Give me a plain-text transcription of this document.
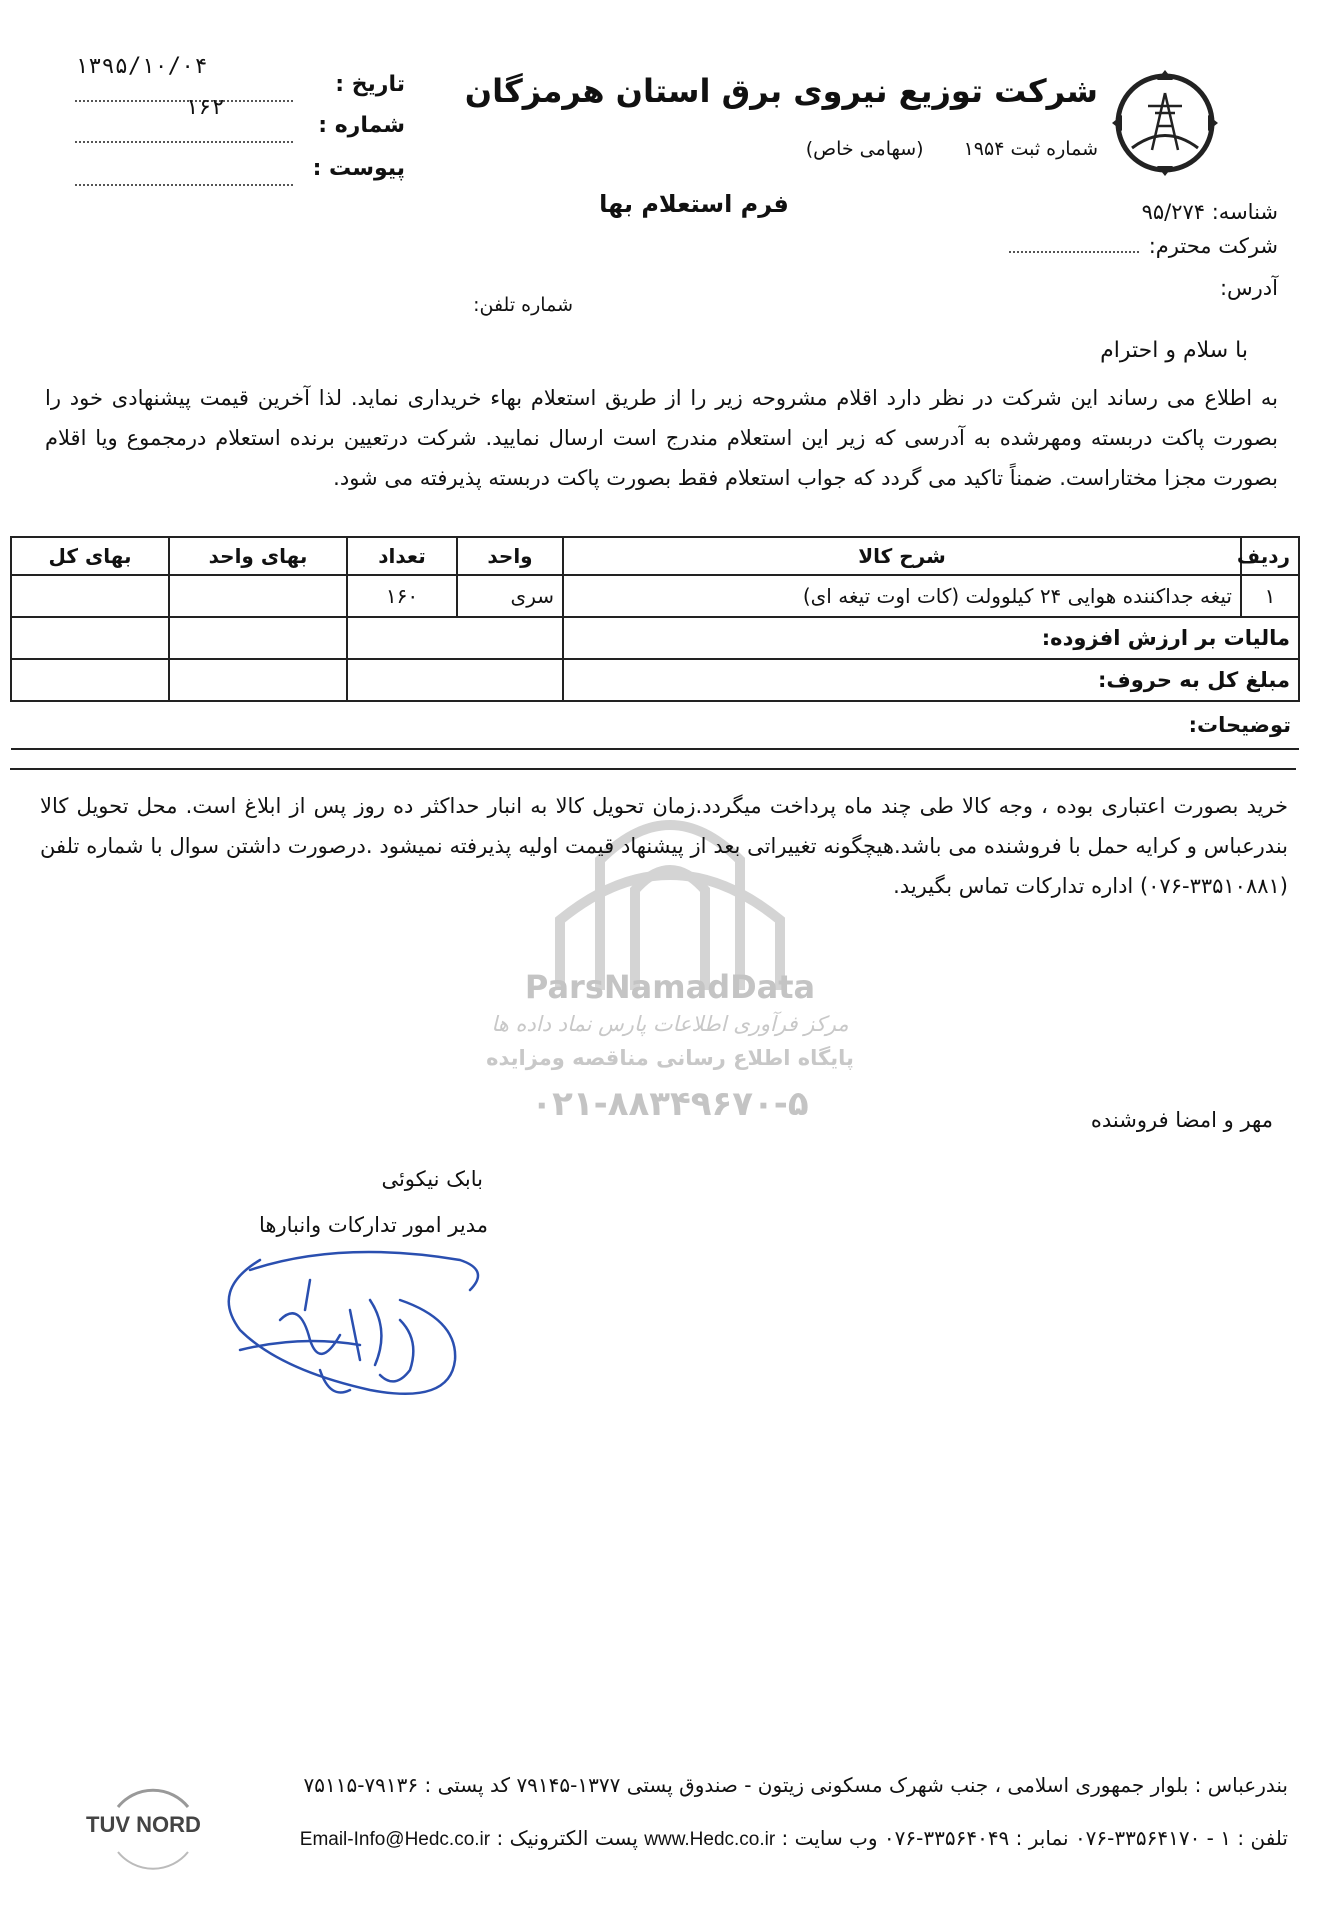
شرکت توزیع نیروی برق استان هرمزگان
شماره ثبت ۱۹۵۴(سهامی خاص)
تاریخ :
۱۳۹۵/۱۰/۰۴
شماره :
۱۶۲
پیوست :
فرم استعلام بها	شناسه: ۹۵/۲۷۴
شرکت محترم:
آدرس:
شماره تلفن:
با سلام و احترام
به اطلاع می رساند این شرکت در نظر دارد اقلام مشروحه زیر را از طریق استعلام بهاء خریداری نماید. لذا آخرین قیمت پیشنهادی خود را بصورت پاکت دربسته ومهرشده به آدرسی که زیر این استعلام مندرج است ارسال نمایید. شرکت درتعیین برنده استعلام درمجموع ویا اقلام بصورت مجزا مختاراست. ضمناً تاکید می گردد که جواب استعلام فقط بصورت پاکت دربسته پذیرفته می شود.
ردیف	شرح کالا	واحد	تعداد	بهای واحد	بهای کل
۱	تیغه جداکننده هوایی ۲۴ کیلوولت (کات اوت تیغه ای)	سری	۱۶۰		
مالیات بر ارزش افزوده:					
مبلغ کل به حروف:					
توضیحات:					
ParsNamadData
مرکز فرآوری اطلاعات پارس نماد داده ها
پایگاه اطلاع رسانی مناقصه ومزایده
۰۲۱-۸۸۳۴۹۶۷۰-۵
خرید بصورت اعتباری بوده ، وجه کالا طی چند ماه پرداخت میگردد.زمان تحویل کالا به انبار حداکثر ده روز پس از ابلاغ است. محل تحویل کالا بندرعباس و کرایه حمل با فروشنده می باشد.هیچگونه تغییراتی بعد از پیشنهاد قیمت اولیه پذیرفته نمیشود .درصورت داشتن سوال با شماره تلفن (۳۳۵۱۰۸۸۱-۰۷۶) اداره تدارکات تماس بگیرید.
مهر و امضا فروشنده
بابک نیکوئی
مدیر امور تدارکات وانبارها
TUV NORD
بندرعباس : بلوار جمهوری اسلامی ، جنب شهرک مسکونی زیتون - صندوق پستی ۱۳۷۷-۷۹۱۴۵ کد پستی : ۷۹۱۳۶-۷۵۱۱۵
تلفن : ۱ - ۳۳۵۶۴۱۷۰-۰۷۶ نمابر : ۳۳۵۶۴۰۴۹-۰۷۶ وب سایت : www.Hedc.co.ir پست الکترونیک : Email-Info@Hedc.co.ir
